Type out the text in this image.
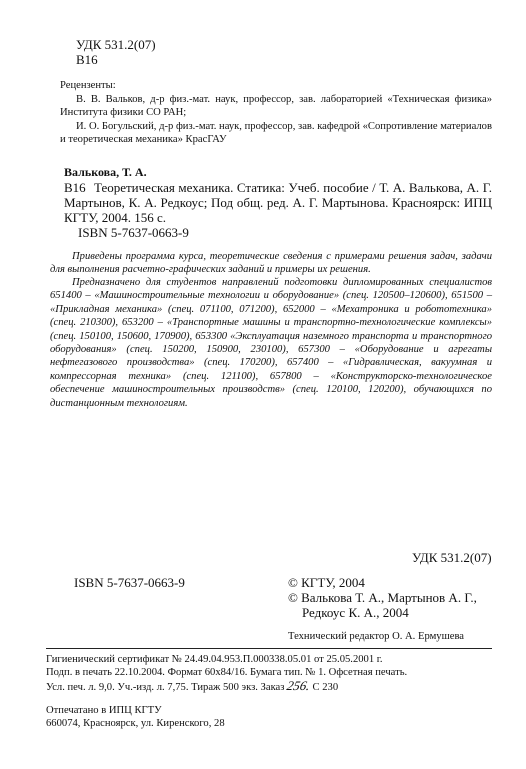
УДК 531.2(07)
В16
Рецензенты:
В. В. Вальков, д-р физ.-мат. наук, профессор, зав. лабораторией «Техническая физика» Института физики СО РАН;
И. О. Богульский, д-р физ.-мат. наук, профессор, зав. кафедрой «Сопротивление материалов и теоретическая механика» КрасГАУ
Валькова, Т. А.
В16 Теоретическая механика. Статика: Учеб. пособие / Т. А. Валькова, А. Г. Мартынов, К. А. Редкоус; Под общ. ред. А. Г. Мартынова. Красноярск: ИПЦ КГТУ, 2004. 156 с.
ISBN 5-7637-0663-9
Приведены программа курса, теоретические сведения с примерами решения задач, задачи для выполнения расчетно-графических заданий и примеры их решения.
Предназначено для студентов направлений подготовки дипломированных специалистов 651400 – «Машиностроительные технологии и оборудование» (спец. 120500–120600), 651500 – «Прикладная механика» (спец. 071100, 071200), 652000 – «Мехатроника и робототехника» (спец. 210300), 653200 – «Транспортные машины и транспортно-технологические комплексы» (спец. 150100, 150600, 170900), 653300 «Эксплуатация наземного транспорта и транспортного оборудования» (спец. 150200, 150900, 230100), 657300 – «Оборудование и агрегаты нефтегазового производства» (спец. 170200), 657400 – «Гидравлическая, вакуумная и компрессорная техника» (спец. 121100), 657800 – «Конструкторско-технологическое обеспечение машиностроительных производств» (спец. 120100, 120200), обучающихся по дистанционным технологиям.
УДК 531.2(07)
ISBN 5-7637-0663-9	© КГТУ, 2004
© Валькова Т. А., Мартынов А. Г.,
Редкоус К. А., 2004
Технический редактор О. А. Ермушева
Гигиенический сертификат № 24.49.04.953.П.000338.05.01 от 25.05.2001 г.
Подп. в печать 22.10.2004. Формат 60x84/16. Бумага тип. № 1. Офсетная печать.
Усл. печ. л. 9,0. Уч.-изд. л. 7,75. Тираж 500 экз. Заказ 256. С 230
Отпечатано в ИПЦ КГТУ
660074, Красноярск, ул. Киренского, 28
